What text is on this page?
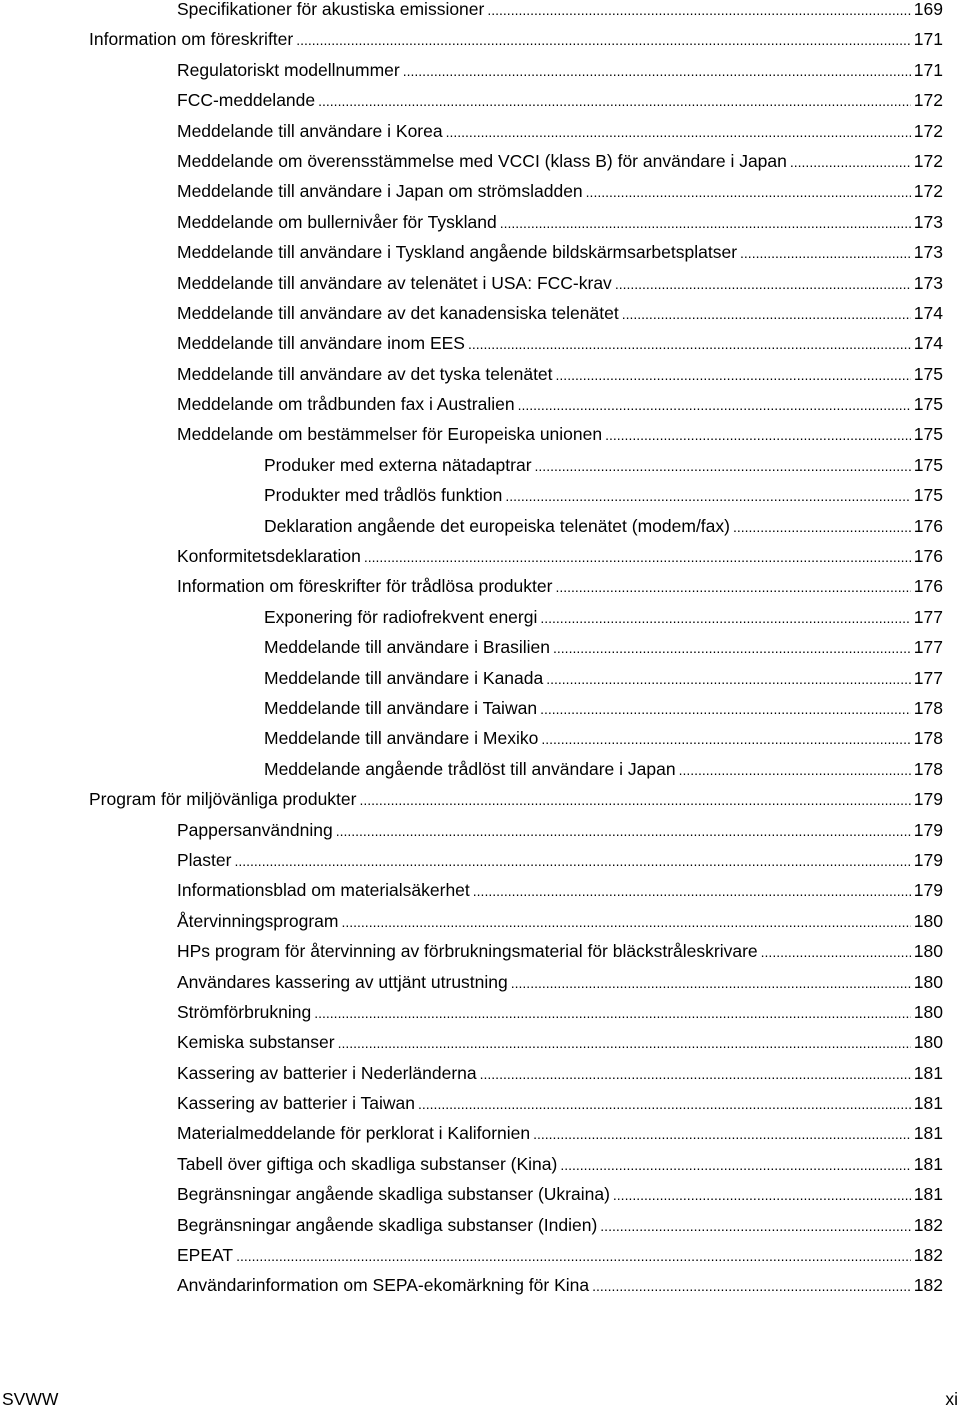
Specifikationer för akustiska emissioner .....	169
Information om föreskrifter .....	171
Regulatoriskt modellnummer .....	171
FCC-meddelande .....	172
Meddelande till användare i Korea .....	172
Meddelande om överensstämmelse med VCCI (klass B) för användare i Japan .....	172
Meddelande till användare i Japan om strömsladden .....	172
Meddelande om bullernivåer för Tyskland .....	173
Meddelande till användare i Tyskland angående bildskärmsarbetsplatser .....	173
Meddelande till användare av telenätet i USA: FCC-krav .....	173
Meddelande till användare av det kanadensiska telenätet .....	174
Meddelande till användare inom EES .....	174
Meddelande till användare av det tyska telenätet .....	175
Meddelande om trådbunden fax i Australien .....	175
Meddelande om bestämmelser för Europeiska unionen .....	175
Produker med externa nätadaptrar .....	175
Produkter med trådlös funktion .....	175
Deklaration angående det europeiska telenätet (modem/fax) .....	176
Konformitetsdeklaration .....	176
Information om föreskrifter för trådlösa produkter .....	176
Exponering för radiofrekvent energi .....	177
Meddelande till användare i Brasilien .....	177
Meddelande till användare i Kanada .....	177
Meddelande till användare i Taiwan .....	178
Meddelande till användare i Mexiko .....	178
Meddelande angående trådlöst till användare i Japan .....	178
Program för miljövänliga produkter .....	179
Pappersanvändning .....	179
Plaster .....	179
Informationsblad om materialsäkerhet .....	179
Återvinningsprogram .....	180
HPs program för återvinning av förbrukningsmaterial för bläckstråleskrivare .....	180
Användares kassering av uttjänt utrustning .....	180
Strömförbrukning .....	180
Kemiska substanser .....	180
Kassering av batterier i Nederländerna .....	181
Kassering av batterier i Taiwan .....	181
Materialmeddelande för perklorat i Kalifornien .....	181
Tabell över giftiga och skadliga substanser (Kina) .....	181
Begränsningar angående skadliga substanser (Ukraina) .....	181
Begränsningar angående skadliga substanser (Indien) .....	182
EPEAT .....	182
Användarinformation om SEPA-ekomärkning för Kina .....	182
SVWW	xi
